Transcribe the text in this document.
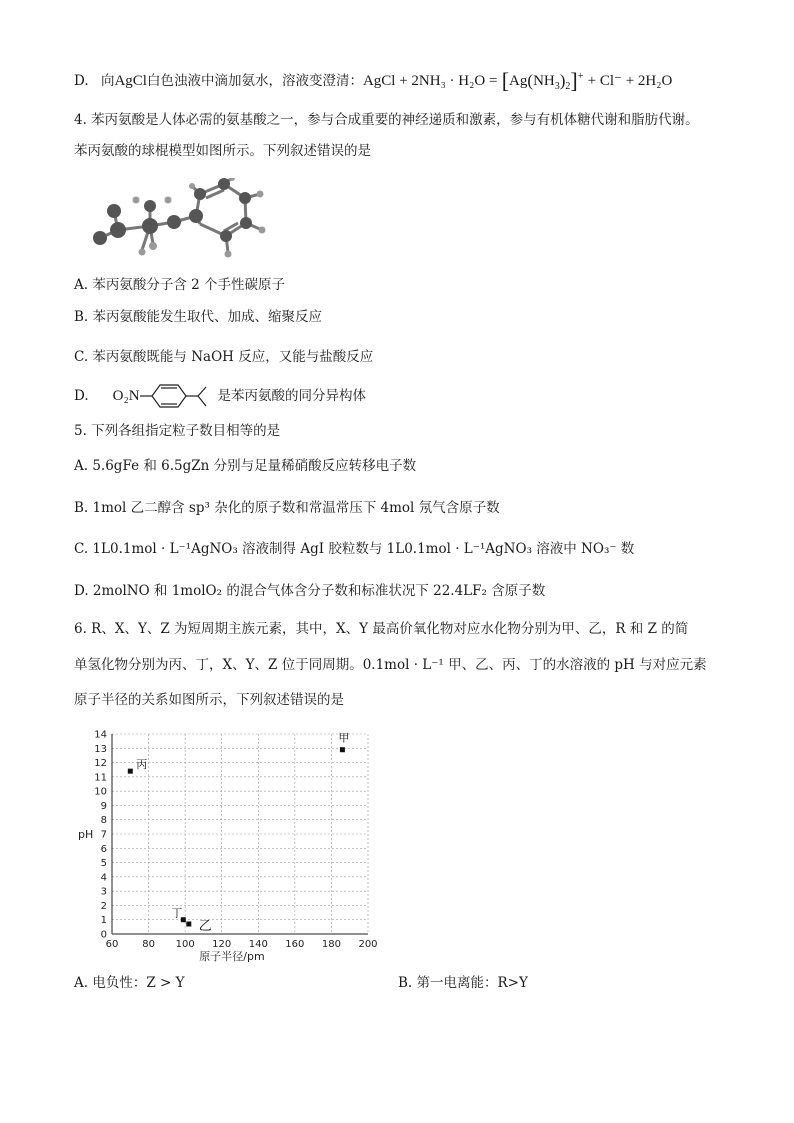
D. 向AgCl白色浊液中滴加氨水，溶液变澄清：AgCl + $2NH_3 \cdot H_2O = [Ag(NH_3)_2]^+ + Cl^- + 2H_2O$
4. 苯丙氨酸是人体必需的氨基酸之一，参与合成重要的神经递质和激素，参与有机体糖代谢和脂肪代谢。
苯丙氨酸的球棍模型如图所示。下列叙述错误的是
A. 苯丙氨酸分子含 2 个手性碳原子
B. 苯丙氨酸能发生取代、加成、缩聚反应
C. 苯丙氨酸既能与 NaOH 反应，又能与盐酸反应
D. O₂N	是苯丙氨酸的同分异构体
5. 下列各组指定粒子数目相等的是
A. 5.6gFe 和 6.5gZn 分别与足量稀硝酸反应转移电子数
B. 1mol 乙二醇含 sp³ 杂化的原子数和常温常压下 4mol 氖气含原子数
C. 1L0.1mol · L⁻¹AgNO₃ 溶液制得 AgI 胶粒数与 1L0.1mol · L⁻¹AgNO₃ 溶液中 NO₃⁻ 数
D. 2molNO 和 1molO₂ 的混合气体含分子数和标准状况下 22.4LF₂ 含原子数
6. R、X、Y、Z 为短周期主族元素，其中，X、Y 最高价氧化物对应水化物分别为甲、乙，R 和 Z 的简
单氢化物分别为丙、丁，X、Y、Z 位于同周期。0.1mol · L⁻¹ 甲、乙、丙、丁的水溶液的 pH 与对应元素
原子半径的关系如图所示，下列叙述错误的是
0
1
2
3
4
5
6
7
8
9
10
11
12
13
14
60 80 100 120 140 160 180 200
pH
原子半径/pm
丙
甲
丁
乙
A. 电负性：Z > Y	B. 第一电离能：R>Y
